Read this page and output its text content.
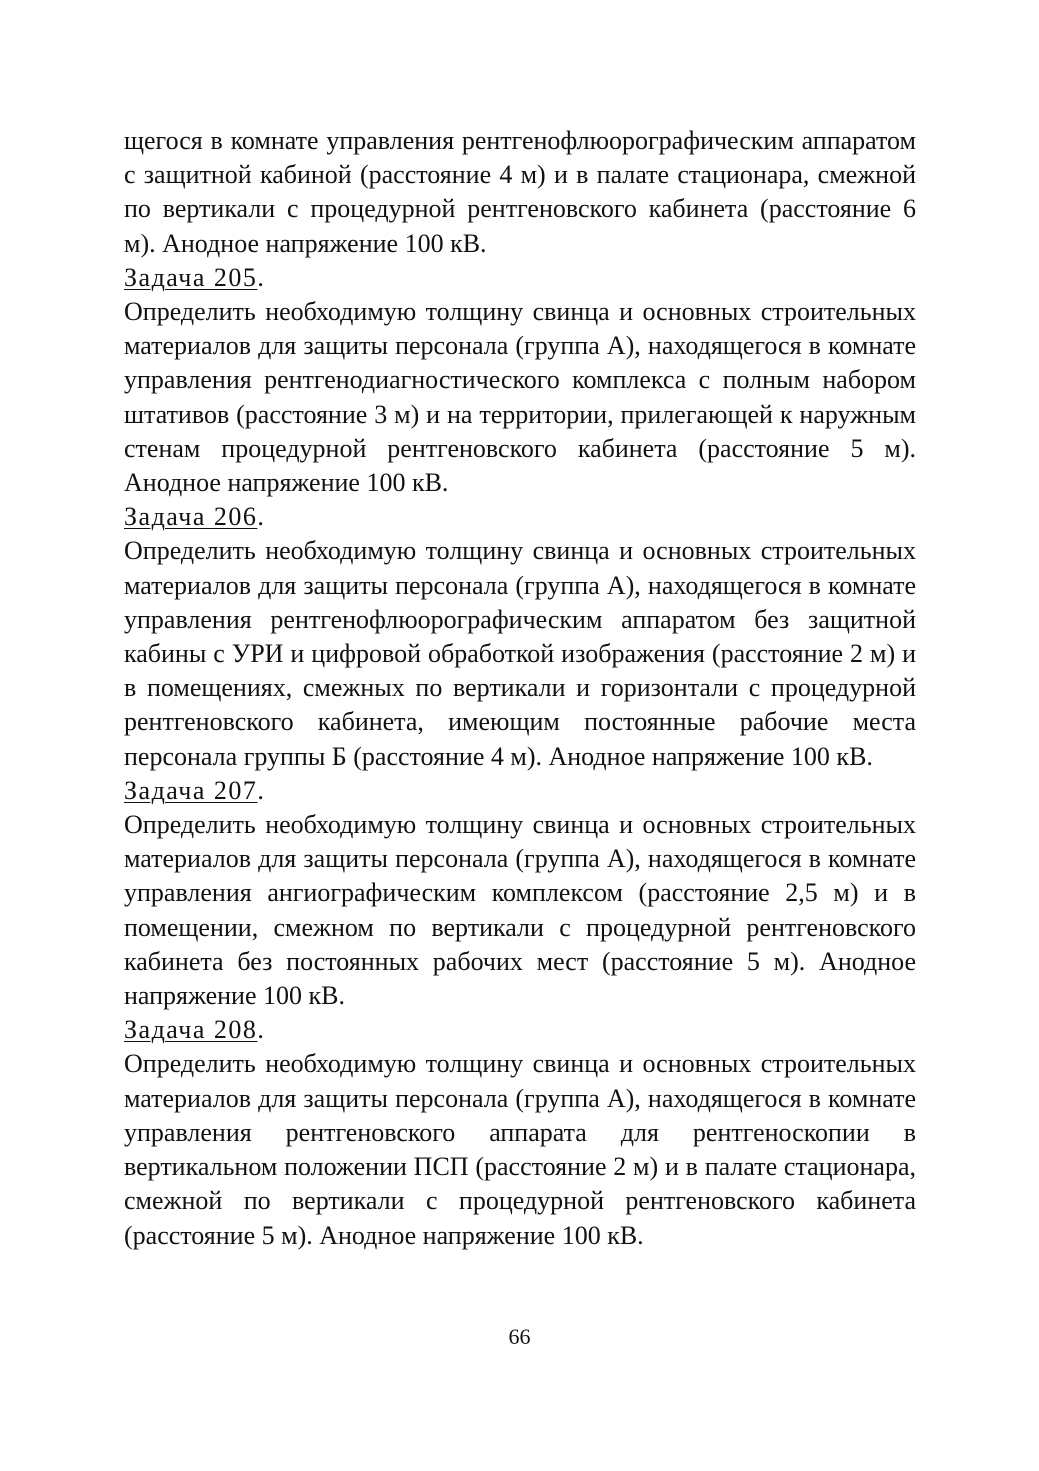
щегося в комнате управления рентгенофлюорографическим аппаратом с защитной кабиной (расстояние 4 м) и в палате стационара, смежной по вертикали с процедурной рентгеновского кабинета (расстояние 6 м). Анодное напряжение 100 кВ.

Задача 205.

Определить необходимую толщину свинца и основных строительных материалов для защиты персонала (группа А), находящегося в комнате управления рентгенодиагностического комплекса с полным набором штативов (расстояние 3 м) и на территории, прилегающей к наружным стенам процедурной рентгеновского кабинета (расстояние 5 м). Анодное напряжение 100 кВ.

Задача 206.

Определить необходимую толщину свинца и основных строительных материалов для защиты персонала (группа А), находящегося в комнате управления рентгенофлюорографическим аппаратом без защитной кабины с УРИ и цифровой обработкой изображения (расстояние 2 м) и в помещениях, смежных по вертикали и горизонтали с процедурной рентгеновского кабинета, имеющим постоянные рабочие места персонала группы Б (расстояние 4 м). Анодное напряжение 100 кВ.

Задача 207.

Определить необходимую толщину свинца и основных строительных материалов для защиты персонала (группа А), находящегося в комнате управления ангиографическим комплексом (расстояние 2,5 м) и в помещении, смежном по вертикали с процедурной рентгеновского кабинета без постоянных рабочих мест (расстояние 5 м). Анодное напряжение 100 кВ.

Задача 208.

Определить необходимую толщину свинца и основных строительных материалов для защиты персонала (группа А), находящегося в комнате управления рентгеновского аппарата для рентгеноскопии в вертикальном положении ПСП (расстояние 2 м) и в палате стационара, смежной по вертикали с процедурной рентгеновского кабинета (расстояние 5 м). Анодное напряжение 100 кВ.

66
